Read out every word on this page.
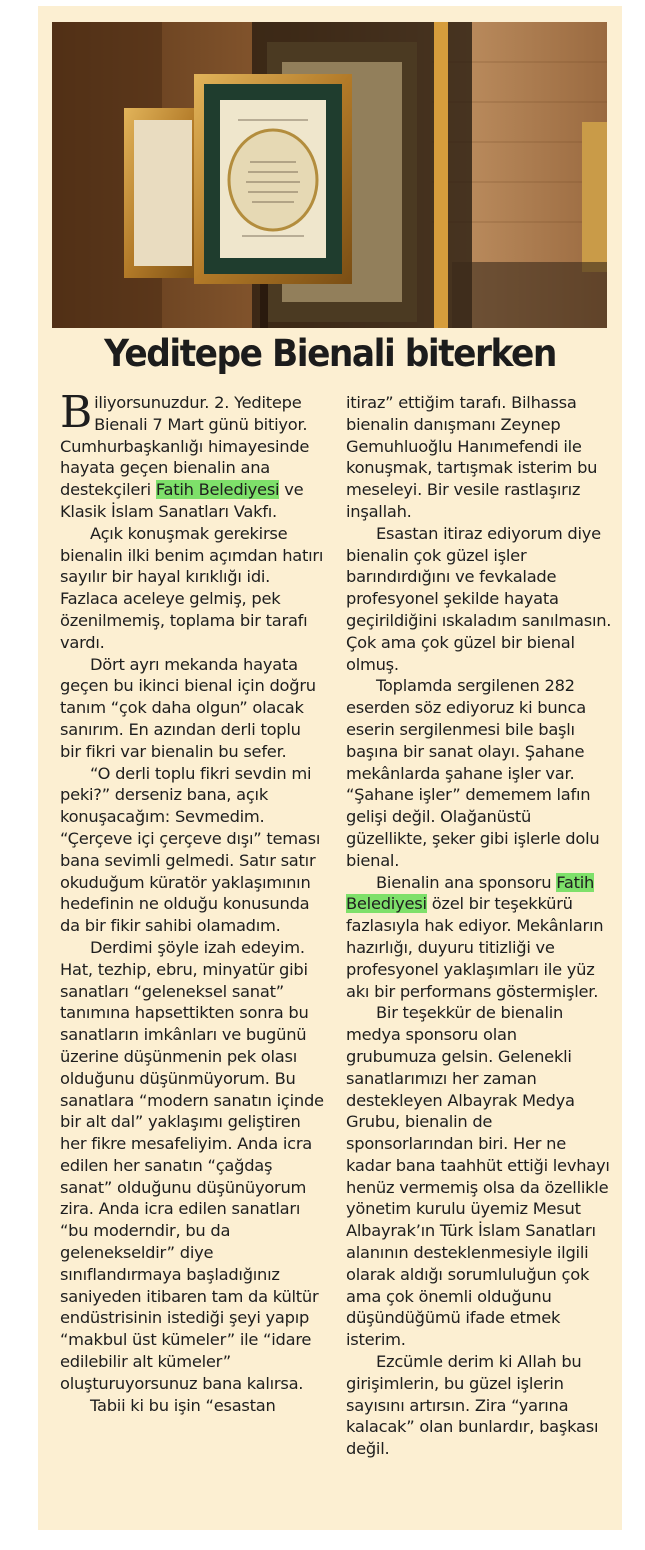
Yeditepe Bienali biterken

Biliyorsunuzdur. 2. Yeditepe Bienali 7 Mart günü bitiyor. Cumhurbaşkanlığı himayesinde hayata geçen bienalin ana destekçileri Fatih Belediyesi ve Klasik İslam Sanatları Vakfı.

Açık konuşmak gerekirse bienalin ilki benim açımdan hatırı sayılır bir hayal kırıklığı idi. Fazlaca aceleye gelmiş, pek özenilmemiş, toplama bir tarafı vardı.

Dört ayrı mekanda hayata geçen bu ikinci bienal için doğru tanım “çok daha olgun” olacak sanırım. En azından derli toplu bir fikri var bienalin bu sefer.

“O derli toplu fikri sevdin mi peki?” derseniz bana, açık konuşacağım: Sevmedim. “Çerçeve içi çerçeve dışı” teması bana sevimli gelmedi. Satır satır okuduğum küratör yaklaşımının hedefinin ne olduğu konusunda da bir fikir sahibi olamadım.

Derdimi şöyle izah edeyim. Hat, tezhip, ebru, minyatür gibi sanatları “geleneksel sanat” tanımına hapsettikten sonra bu sanatların imkânları ve bugünü üzerine düşünmenin pek olası olduğunu düşünmüyorum. Bu sanatlara “modern sanatın içinde bir alt dal” yaklaşımı geliştiren her fikre mesafeliyim. Anda icra edilen her sanatın “çağdaş sanat” olduğunu düşünüyorum zira. Anda icra edilen sanatları “bu moderndir, bu da gelenekseldir” diye sınıflandırmaya başladığınız saniyeden itibaren tam da kültür endüstrisinin istediği şeyi yapıp “makbul üst kümeler” ile “idare edilebilir alt kümeler” oluşturuyorsunuz bana kalırsa.

Tabii ki bu işin “esastan

itiraz” ettiğim tarafı. Bilhassa bienalin danışmanı Zeynep Gemuhluoğlu Hanımefendi ile konuşmak, tartışmak isterim bu meseleyi. Bir vesile rastlaşırız inşallah.

Esastan itiraz ediyorum diye bienalin çok güzel işler barındırdığını ve fevkalade profesyonel şekilde hayata geçirildiğini ıskaladım sanılmasın. Çok ama çok güzel bir bienal olmuş.

Toplamda sergilenen 282 eserden söz ediyoruz ki bunca eserin sergilenmesi bile başlı başına bir sanat olayı. Şahane mekânlarda şahane işler var. “Şahane işler” dememem lafın gelişi değil. Olağanüstü güzellikte, şeker gibi işlerle dolu bienal.

Bienalin ana sponsoru Fatih Belediyesi özel bir teşekkürü fazlasıyla hak ediyor. Mekânların hazırlığı, duyuru titizliği ve profesyonel yaklaşımları ile yüz akı bir performans göstermişler.

Bir teşekkür de bienalin medya sponsoru olan grubumuza gelsin. Gelenekli sanatlarımızı her zaman destekleyen Albayrak Medya Grubu, bienalin de sponsorlarından biri. Her ne kadar bana taahhüt ettiği levhayı henüz vermemiş olsa da özellikle yönetim kurulu üyemiz Mesut Albayrak’ın Türk İslam Sanatları alanının desteklenmesiyle ilgili olarak aldığı sorumluluğun çok ama çok önemli olduğunu düşündüğümü ifade etmek isterim.

Ezcümle derim ki Allah bu girişimlerin, bu güzel işlerin sayısını artırsın. Zira “yarına kalacak” olan bunlardır, başkası değil.
